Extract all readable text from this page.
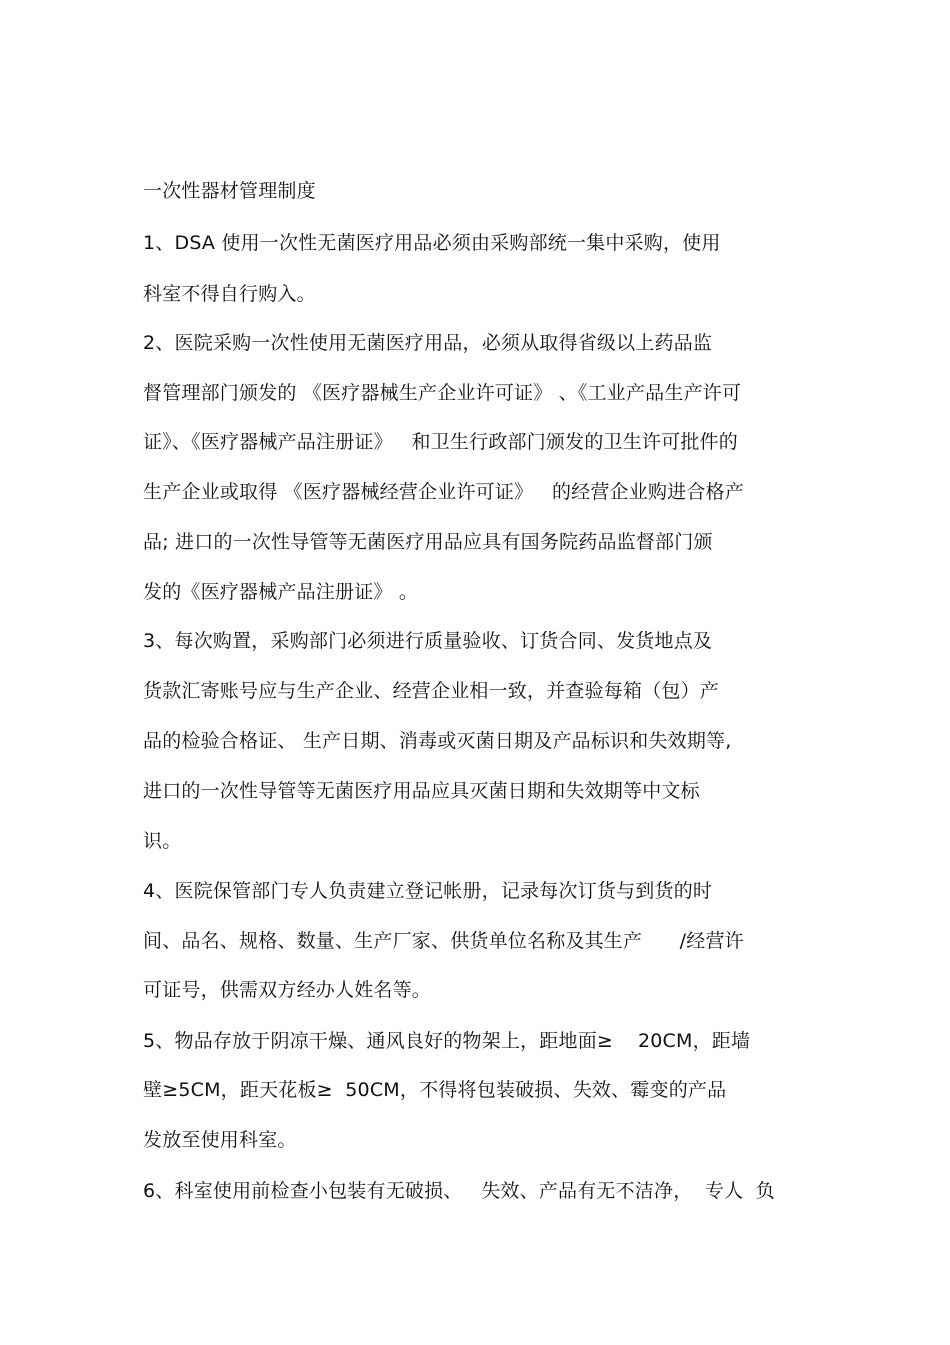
一次性器材管理制度
1、DSA 使用一次性无菌医疗用品必须由采购部统一集中采购，使用
科室不得自行购入。
2、医院采购一次性使用无菌医疗用品，必须从取得省级以上药品监
督管理部门颁发的 《医疗器械生产企业许可证》 、《工业产品生产许可
证》、《医疗器械产品注册证》   和卫生行政部门颁发的卫生许可批件的
生产企业或取得 《医疗器械经营企业许可证》   的经营企业购进合格产
品; 进口的一次性导管等无菌医疗用品应具有国务院药品监督部门颁
发的《医疗器械产品注册证》 。
3、每次购置，采购部门必须进行质量验收、订货合同、发货地点及
货款汇寄账号应与生产企业、经营企业相一致，并查验每箱（包）产
品的检验合格证、 生产日期、消毒或灭菌日期及产品标识和失效期等,
进口的一次性导管等无菌医疗用品应具灭菌日期和失效期等中文标
识。
4、医院保管部门专人负责建立登记帐册，记录每次订货与到货的时
间、品名、规格、数量、生产厂家、供货单位名称及其生产      /经营许
可证号，供需双方经办人姓名等。
5、物品存放于阴凉干燥、通风良好的物架上，距地面≥    20CM，距墙
壁≥5CM，距天花板≥  50CM，不得将包装破损、失效、霉变的产品
发放至使用科室。
6、科室使用前检查小包装有无破损、   失效、产品有无不洁净，  专人  负
